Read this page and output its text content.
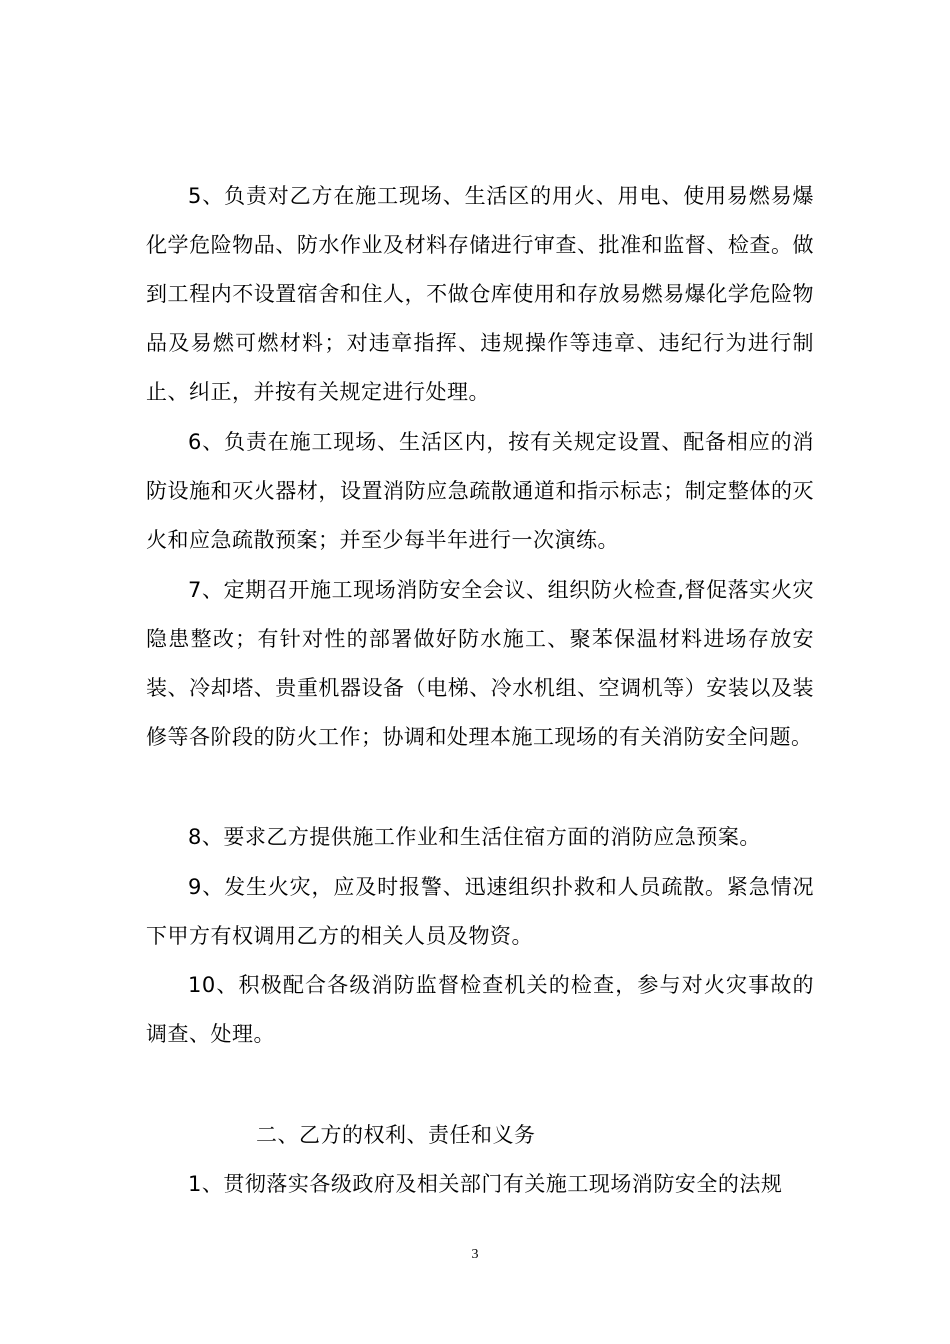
5、负责对乙方在施工现场、生活区的用火、用电、使用易燃易爆化学危险物品、防水作业及材料存储进行审查、批准和监督、检查。做到工程内不设置宿舍和住人，不做仓库使用和存放易燃易爆化学危险物品及易燃可燃材料；对违章指挥、违规操作等违章、违纪行为进行制止、纠正，并按有关规定进行处理。

6、负责在施工现场、生活区内，按有关规定设置、配备相应的消防设施和灭火器材，设置消防应急疏散通道和指示标志；制定整体的灭火和应急疏散预案；并至少每半年进行一次演练。

7、定期召开施工现场消防安全会议、组织防火检查,督促落实火灾隐患整改；有针对性的部署做好防水施工、聚苯保温材料进场存放安装、冷却塔、贵重机器设备（电梯、冷水机组、空调机等）安装以及装修等各阶段的防火工作；协调和处理本施工现场的有关消防安全问题。

8、要求乙方提供施工作业和生活住宿方面的消防应急预案。

9、发生火灾，应及时报警、迅速组织扑救和人员疏散。紧急情况下甲方有权调用乙方的相关人员及物资。

10、积极配合各级消防监督检查机关的检查，参与对火灾事故的调查、处理。

二、乙方的权利、责任和义务

1、贯彻落实各级政府及相关部门有关施工现场消防安全的法规

3
